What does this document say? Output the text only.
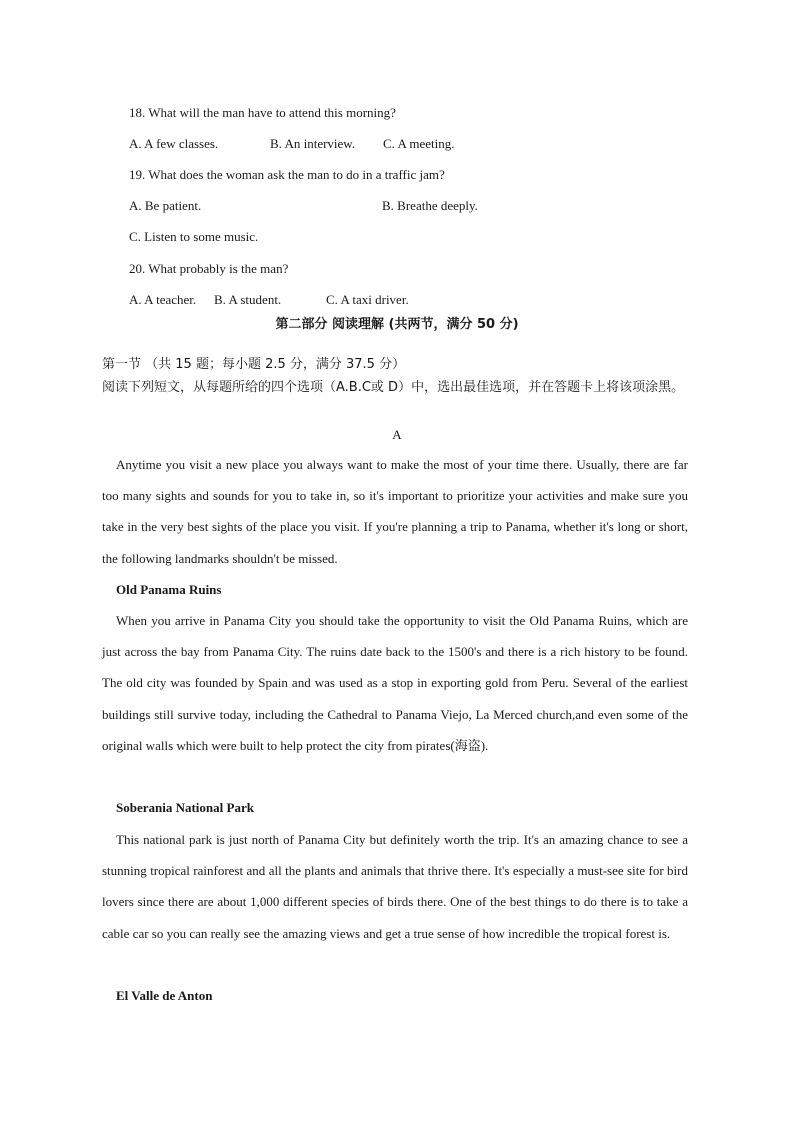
18. What will the man have to attend this morning?
A. A few classes.	B. An interview. C. A meeting.
19. What does the woman ask the man to do in a traffic jam?
A. Be patient.	B. Breathe deeply.
C. Listen to some music.
20. What probably is the man?
A. A teacher. B. A student.	C. A taxi driver.
第二部分 阅读理解 (共两节，满分 50 分)
第一节 （共 15 题；每小题 2.5 分，满分 37.5 分）
阅读下列短文，从每题所给的四个选项（A.B.C或 D）中，选出最佳选项，并在答题卡上将该项涂黑。
A
Anytime you visit a new place you always want to make the most of your time there. Usually, there are far too many sights and sounds for you to take in, so it's important to prioritize your activities and make sure you take in the very best sights of the place you visit. If you're planning a trip to Panama, whether it's long or short, the following landmarks shouldn't be missed.
Old Panama Ruins
When you arrive in Panama City you should take the opportunity to visit the Old Panama Ruins, which are just across the bay from Panama City. The ruins date back to the 1500's and there is a rich history to be found. The old city was founded by Spain and was used as a stop in exporting gold from Peru. Several of the earliest buildings still survive today, including the Cathedral to Panama Viejo, La Merced church,and even some of the original walls which were built to help protect the city from pirates(海盗).
Soberania National Park
This national park is just north of Panama City but definitely worth the trip. It's an amazing chance to see a stunning tropical rainforest and all the plants and animals that thrive there. It's especially a must-see site for bird lovers since there are about 1,000 different species of birds there. One of the best things to do there is to take a cable car so you can really see the amazing views and get a true sense of how incredible the tropical forest is.
El Valle de Anton
